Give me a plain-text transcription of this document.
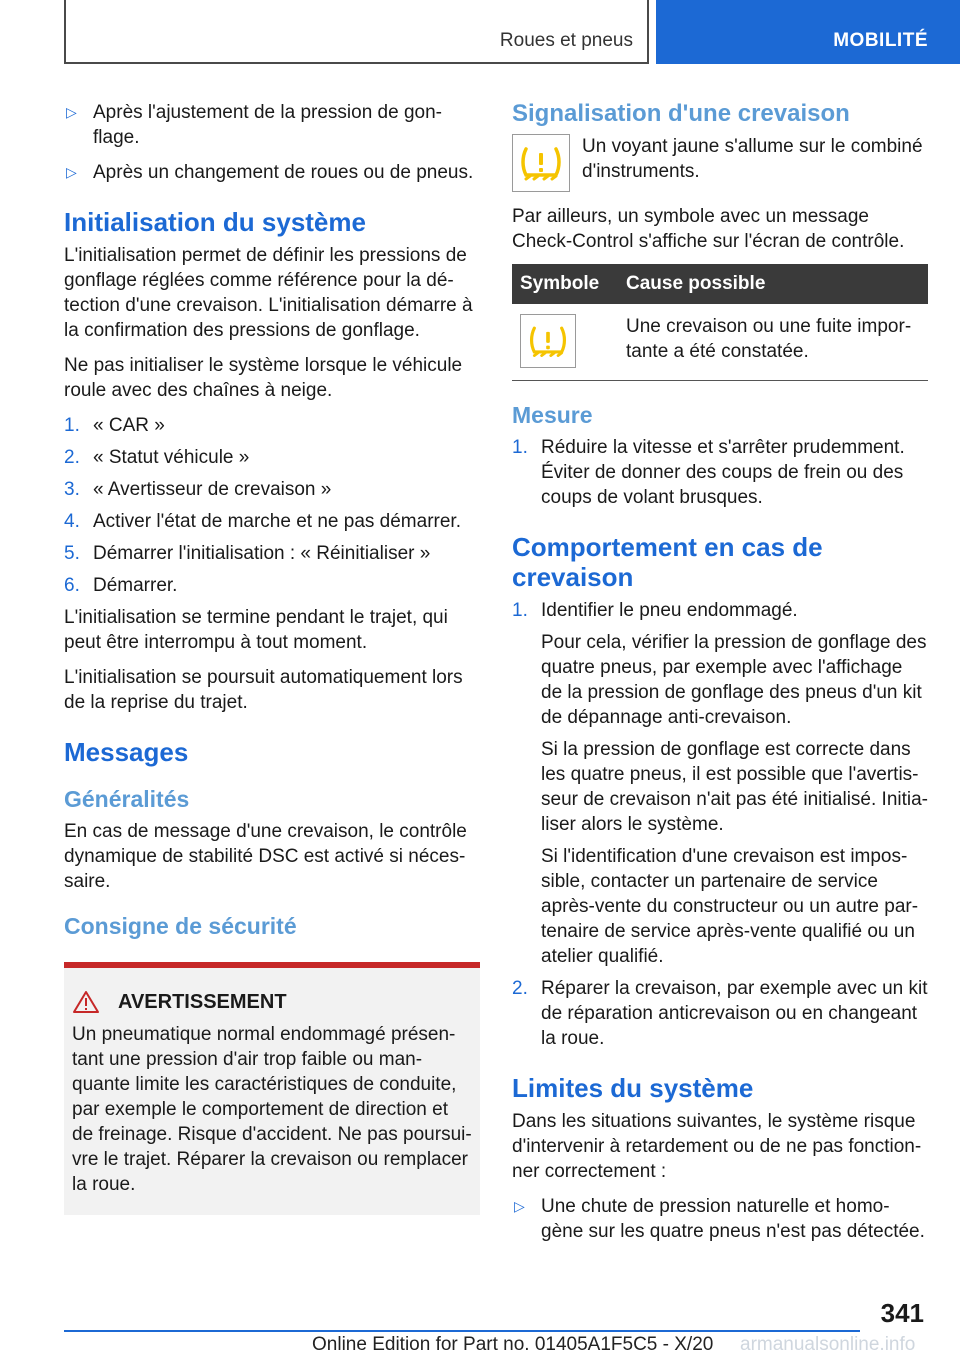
Roues et pneus	MOBILITÉ
▷ Après l'ajustement de la pression de gon-flage.
▷ Après un changement de roues ou de pneus.
Initialisation du système

L'initialisation permet de définir les pressions de gonflage réglées comme référence pour la dé-tection d'une crevaison. L'initialisation démarre à la confirmation des pressions de gonflage.

Ne pas initialiser le système lorsque le véhicule roule avec des chaînes à neige.

1. « CAR »
2. « Statut véhicule »
3. « Avertisseur de crevaison »
4. Activer l'état de marche et ne pas démarrer.
5. Démarrer l'initialisation : « Réinitialiser »
6. Démarrer.

L'initialisation se termine pendant le trajet, qui peut être interrompu à tout moment.

L'initialisation se poursuit automatiquement lors de la reprise du trajet.

Messages
Généralités

En cas de message d'une crevaison, le contrôle dynamique de stabilité DSC est activé si néces-saire.

Consigne de sécurité
AVERTISSEMENT

Un pneumatique normal endommagé présen-tant une pression d'air trop faible ou man-quante limite les caractéristiques de conduite, par exemple le comportement de direction et de freinage. Risque d'accident. Ne pas poursui-vre le trajet. Réparer la crevaison ou remplacer la roue.

Signalisation d'une crevaison

Un voyant jaune s'allume sur le combiné d'instruments.

Par ailleurs, un symbole avec un message Check-Control s'affiche sur l'écran de contrôle.

Symbole	Cause possible

	Une crevaison ou une fuite impor-tante a été constatée.
Mesure
1. Réduire la vitesse et s'arrêter prudemment. Éviter de donner des coups de frein ou des coups de volant brusques.
Comportement en cas de crevaison
1. Identifier le pneu endommagé.

Pour cela, vérifier la pression de gonflage des quatre pneus, par exemple avec l'affichage de la pression de gonflage des pneus d'un kit de dépannage anti-crevaison.

Si la pression de gonflage est correcte dans les quatre pneus, il est possible que l'avertis-seur de crevaison n'ait pas été initialisé. Initia-liser alors le système.

Si l'identification d'une crevaison est impos-sible, contacter un partenaire de service après-vente du constructeur ou un autre par-tenaire de service après-vente qualifié ou un atelier qualifié.

2. Réparer la crevaison, par exemple avec un kit de réparation anticrevaison ou en changeant la roue.
Limites du système

Dans les situations suivantes, le système risque d'intervenir à retardement ou de ne pas fonction-ner correctement :

▷ Une chute de pression naturelle et homo-gène sur les quatre pneus n'est pas détectée.
341
Online Edition for Part no. 01405A1F5C5 - X/20 armanualsonline.info
